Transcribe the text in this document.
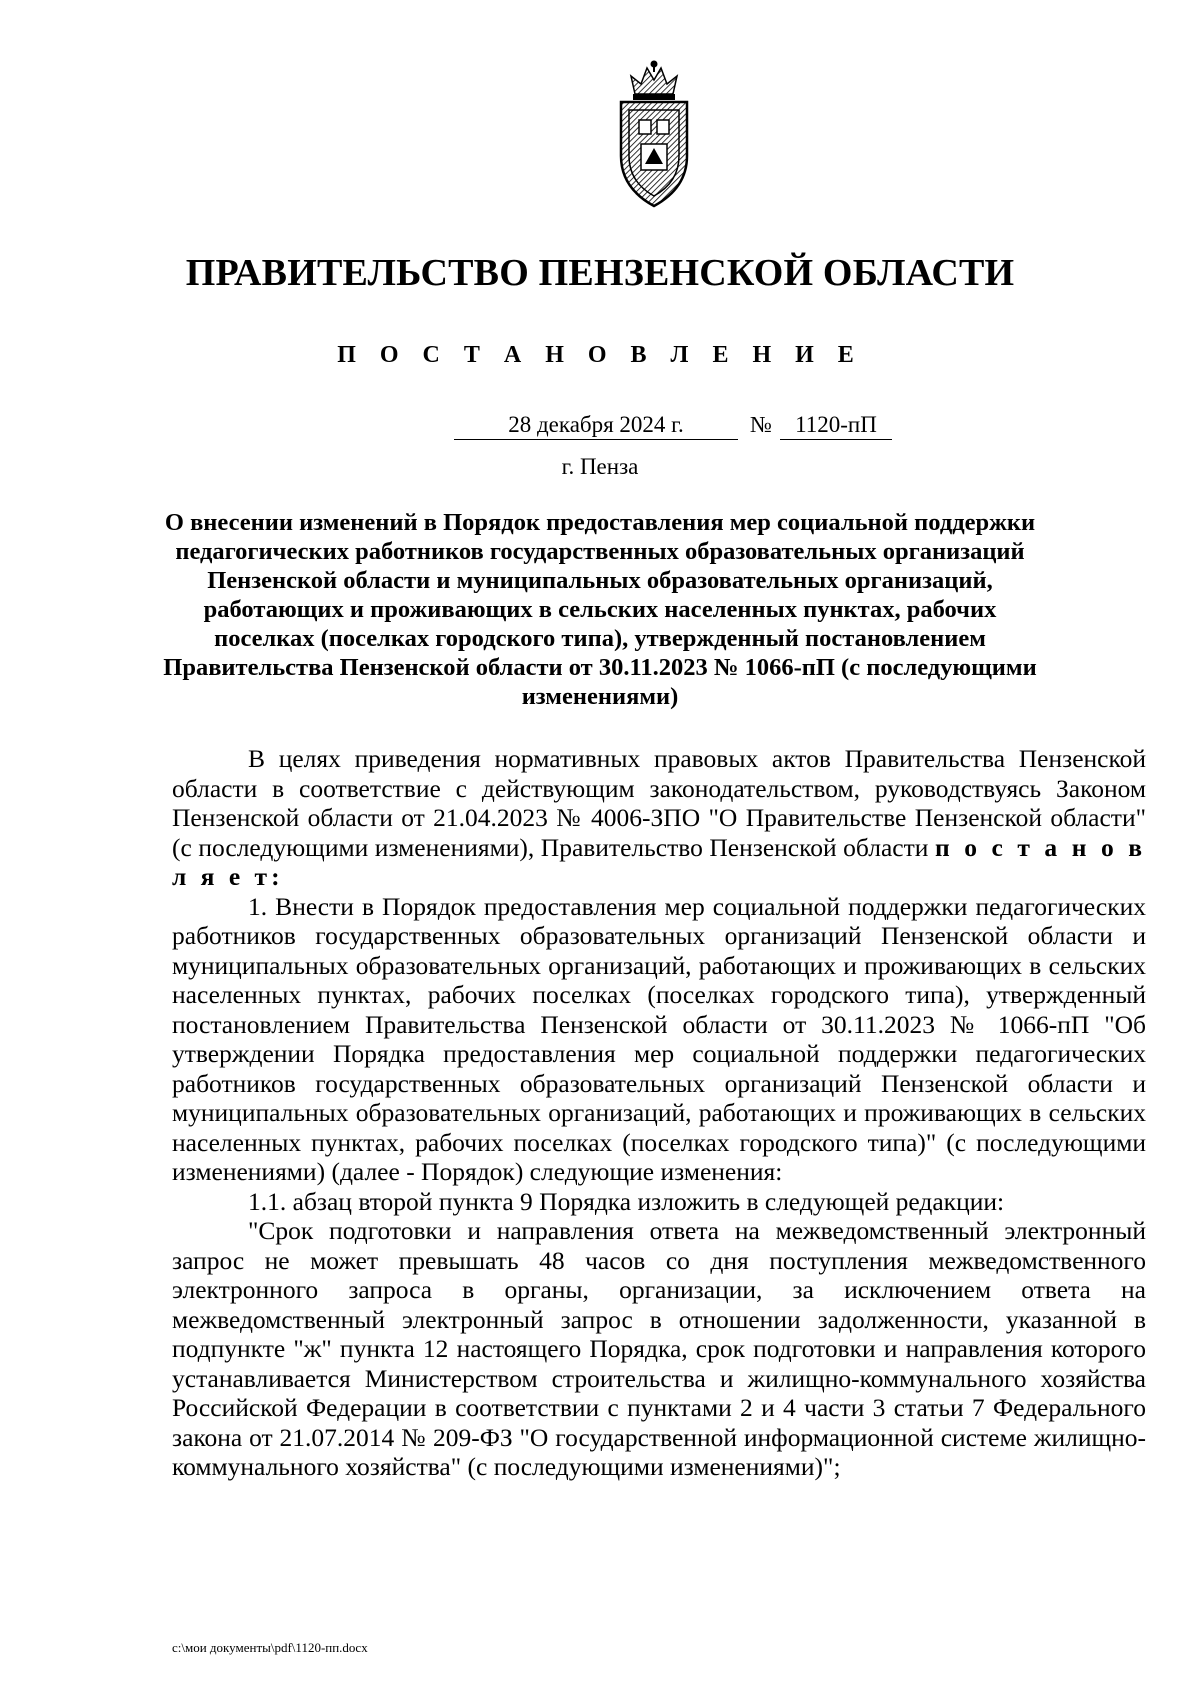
ПРАВИТЕЛЬСТВО ПЕНЗЕНСКОЙ ОБЛАСТИ
П О С Т А Н О В Л Е Н И Е
28 декабря 2024 г.	№	1120-пП
г. Пенза
О внесении изменений в Порядок предоставления мер социальной поддержки педагогических работников государственных образовательных организаций Пензенской области и муниципальных образовательных организаций, работающих и проживающих в сельских населенных пунктах, рабочих поселках (поселках городского типа), утвержденный постановлением Правительства Пензенской области от 30.11.2023 № 1066-пП (с последующими изменениями)

В целях приведения нормативных правовых актов Правительства Пензенской области в соответствие с действующим законодательством, руководствуясь Законом Пензенской области от 21.04.2023 № 4006-ЗПО "О Правительстве Пензенской области" (с последующими изменениями), Правительство Пензенской области п о с т а н о в л я е т:

1. Внести в Порядок предоставления мер социальной поддержки педагогических работников государственных образовательных организаций Пензенской области и муниципальных образовательных организаций, работающих и проживающих в сельских населенных пунктах, рабочих поселках (поселках городского типа), утвержденный постановлением Правительства Пензенской области от 30.11.2023 № 1066-пП "Об утверждении Порядка предоставления мер социальной поддержки педагогических работников государственных образовательных организаций Пензенской области и муниципальных образовательных организаций, работающих и проживающих в сельских населенных пунктах, рабочих поселках (поселках городского типа)" (с последующими изменениями) (далее - Порядок) следующие изменения:

1.1. абзац второй пункта 9 Порядка изложить в следующей редакции:

"Срок подготовки и направления ответа на межведомственный электронный запрос не может превышать 48 часов со дня поступления межведомственного электронного запроса в органы, организации, за исключением ответа на межведомственный электронный запрос в отношении задолженности, указанной в подпункте "ж" пункта 12 настоящего Порядка, срок подготовки и направления которого устанавливается Министерством строительства и жилищно-коммунального хозяйства Российской Федерации в соответствии с пунктами 2 и 4 части 3 статьи 7 Федерального закона от 21.07.2014 № 209-ФЗ "О государственной информационной системе жилищно-коммунального хозяйства" (с последующими изменениями)";

c:\мои документы\pdf\1120-пп.docx
